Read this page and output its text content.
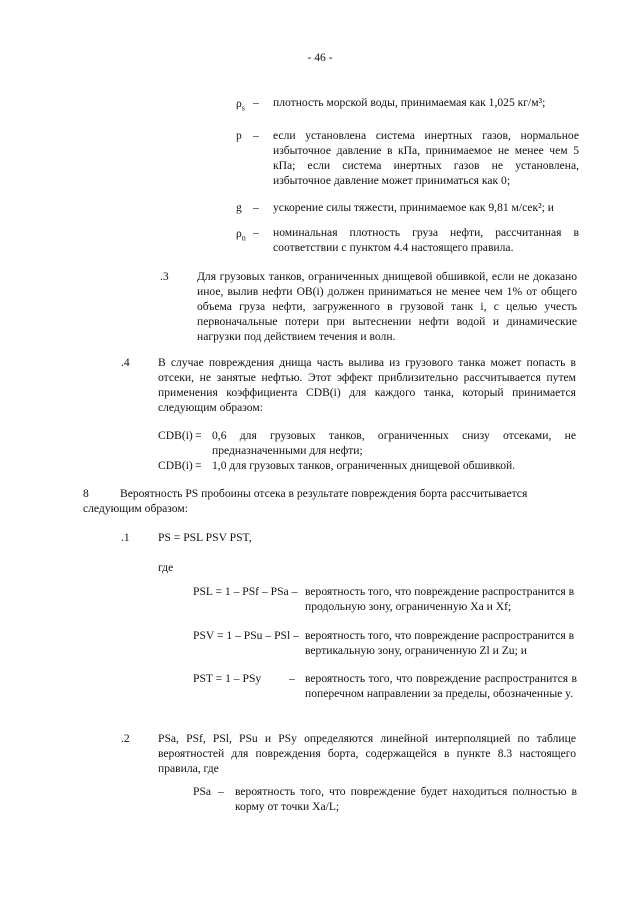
- 46 -
$\rho_s$ – плотность морской воды, принимаемая как 1,025 кг/м³;
p – если установлена система инертных газов, нормальное избыточное давление в кПа, принимаемое не менее чем 5 кПа; если система инертных газов не установлена, избыточное давление может приниматься как 0;
g – ускорение силы тяжести, принимаемое как 9,81 м/сек²; и
$\rho_n$ – номинальная плотность груза нефти, рассчитанная в соответствии с пунктом 4.4 настоящего правила.
.3 Для грузовых танков, ограниченных днищевой обшивкой, если не доказано иное, вылив нефти OB(i) должен приниматься не менее чем 1% от общего объема груза нефти, загруженного в грузовой танк i, с целью учесть первоначальные потери при вытеснении нефти водой и динамические нагрузки под действием течения и волн.
.4 В случае повреждения днища часть вылива из грузового танка может попасть в отсеки, не занятые нефтью. Этот эффект приблизительно рассчитывается путем применения коэффициента CDB(i) для каждого танка, который принимается следующим образом:
CDB(i) = 0,6 для грузовых танков, ограниченных снизу отсеками, не предназначенными для нефти;
CDB(i) = 1,0 для грузовых танков, ограниченных днищевой обшивкой.
8	Вероятность PS пробоины отсека в результате повреждения борта рассчитывается следующим образом:
.1 PS = PSL PSV PST,
где
PSL = 1 – PSf – PSa – вероятность того, что повреждение распространится в продольную зону, ограниченную Xa и Xf;
PSV = 1 – PSu – PSl – вероятность того, что повреждение распространится в вертикальную зону, ограниченную Zl и Zu; и
PST = 1 – PSy – вероятность того, что повреждение распространится в поперечном направлении за пределы, обозначенные y.
.2 PSa, PSf, PSl, PSu и PSy определяются линейной интерполяцией по таблице вероятностей для повреждения борта, содержащейся в пункте 8.3 настоящего правила, где
PSa – вероятность того, что повреждение будет находиться полностью в корму от точки Xa/L;
